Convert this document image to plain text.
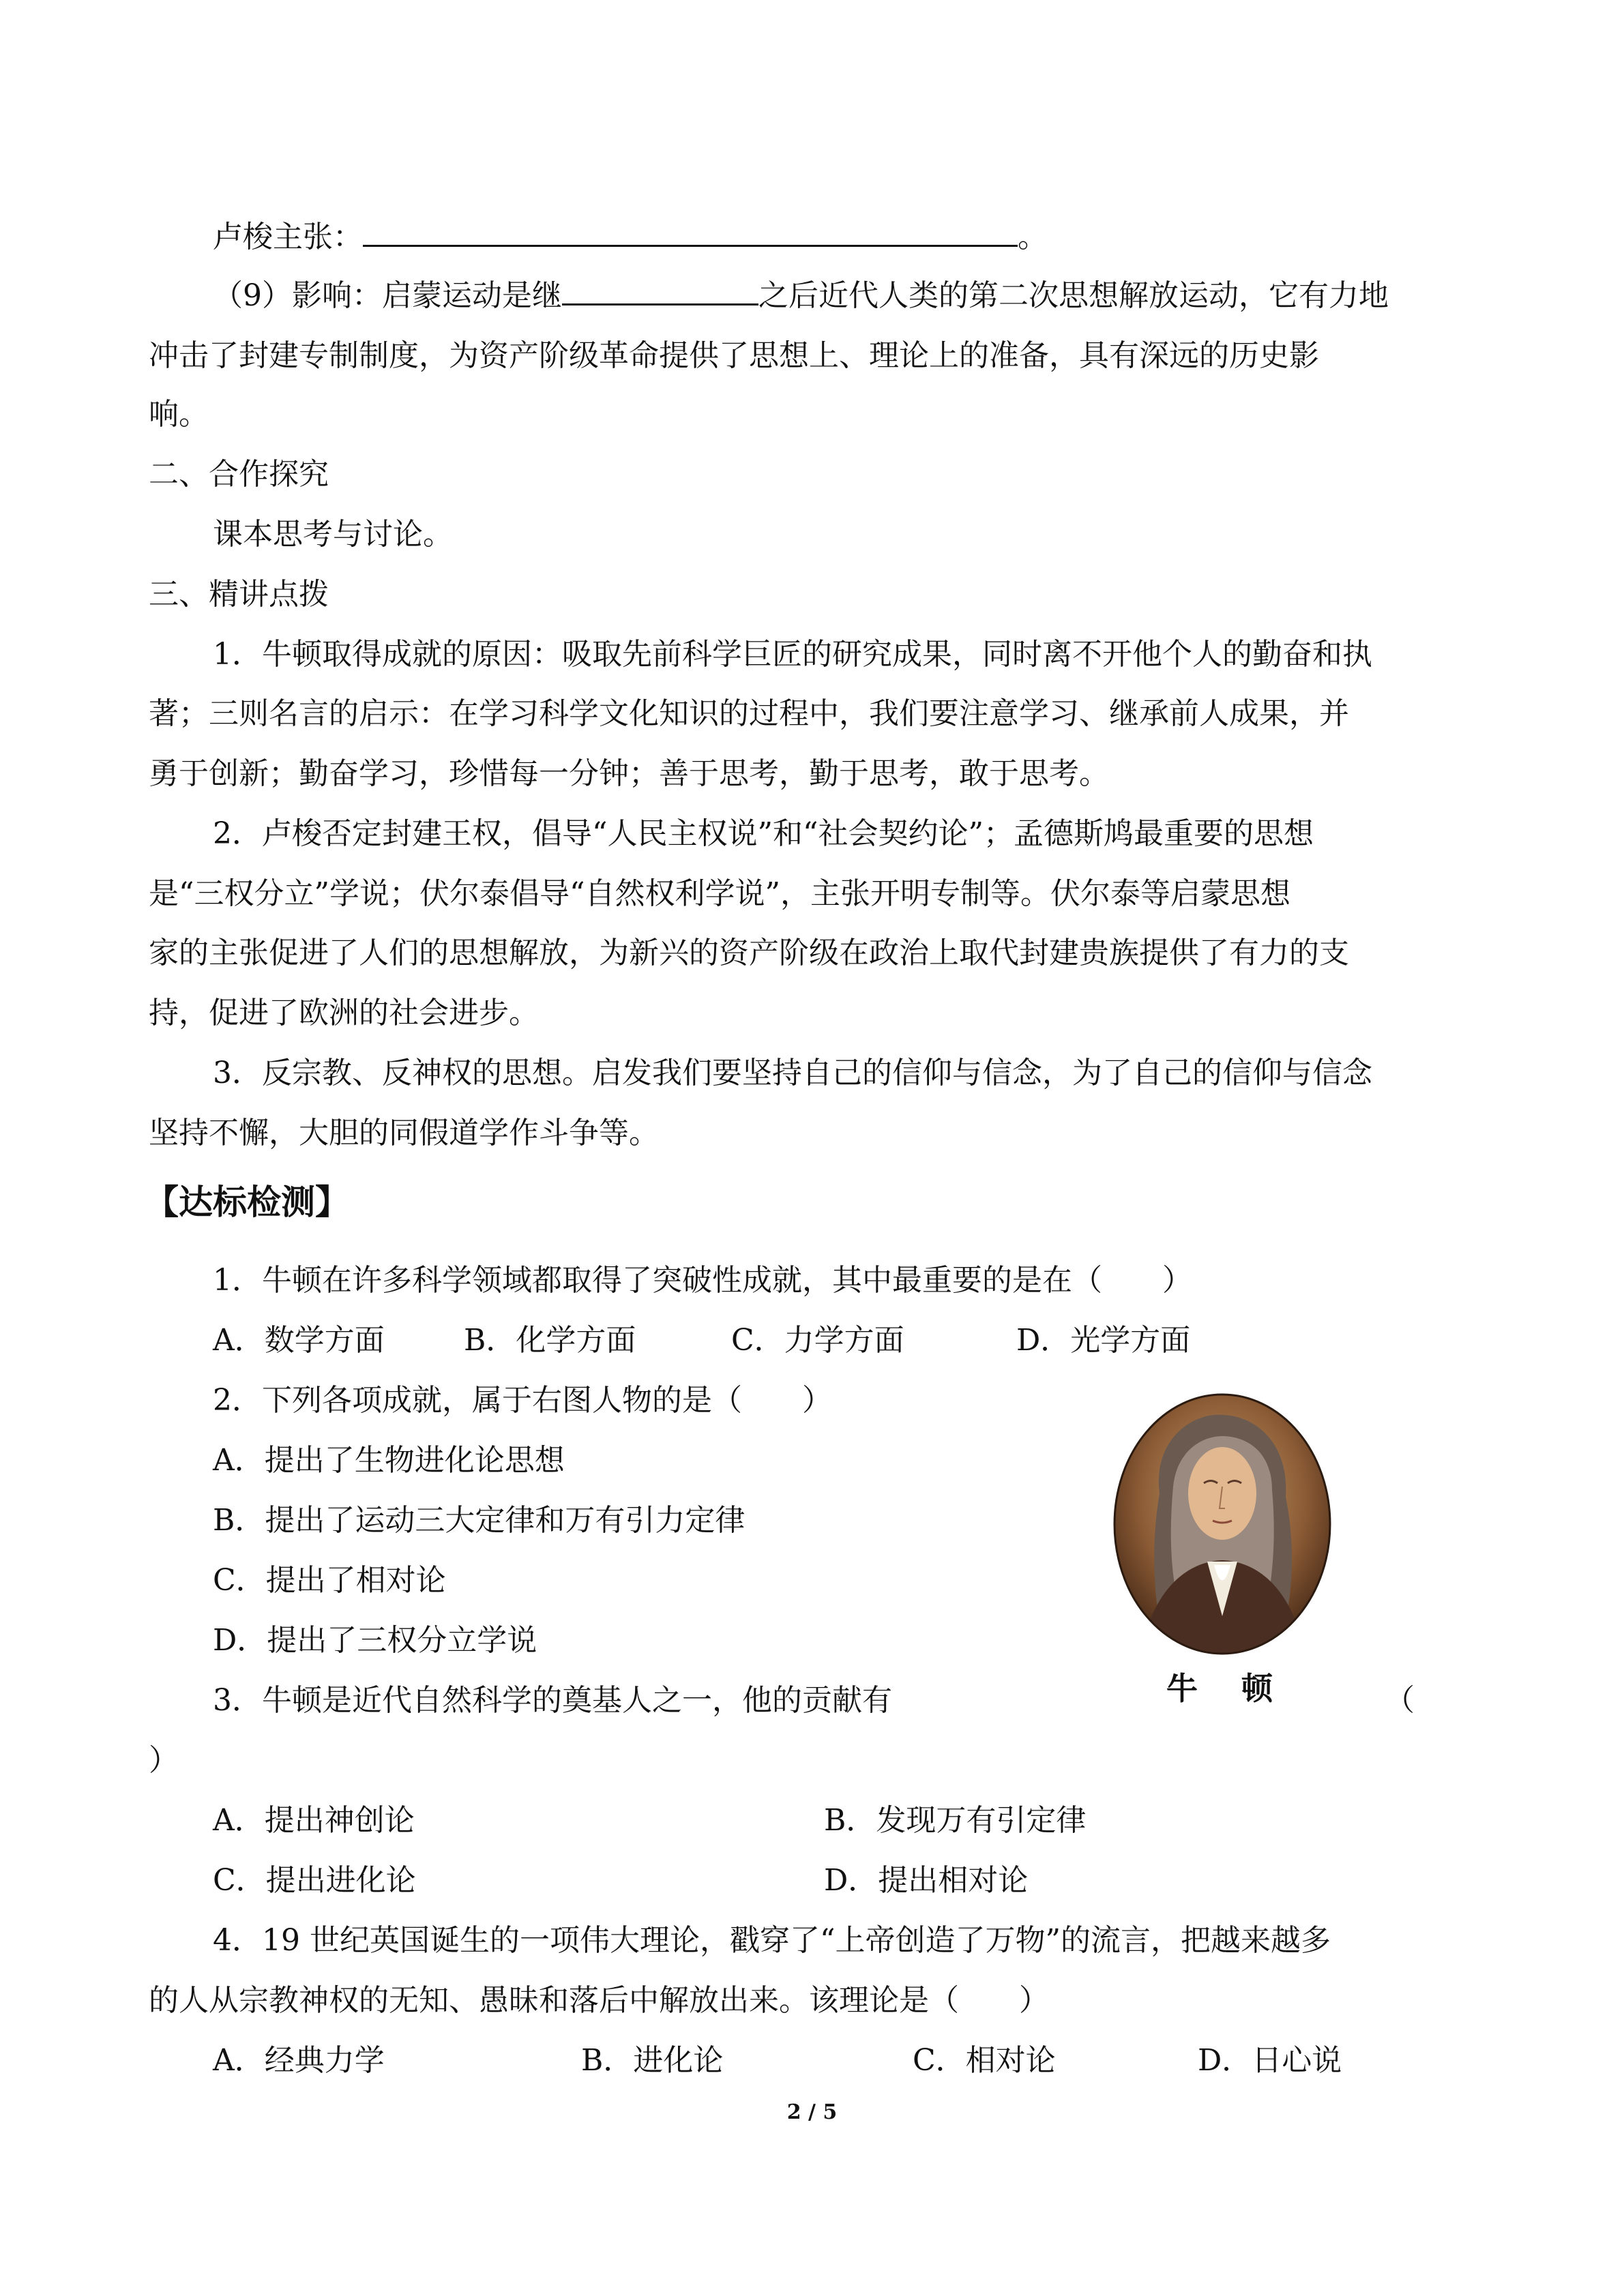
卢梭主张：	。
（9）影响：启蒙运动是继	之后近代人类的第二次思想解放运动，它有力地
冲击了封建专制制度，为资产阶级革命提供了思想上、理论上的准备，具有深远的历史影
响。
二、合作探究
课本思考与讨论。
三、精讲点拨
1．牛顿取得成就的原因：吸取先前科学巨匠的研究成果，同时离不开他个人的勤奋和执
著；三则名言的启示：在学习科学文化知识的过程中，我们要注意学习、继承前人成果，并
勇于创新；勤奋学习，珍惜每一分钟；善于思考，勤于思考，敢于思考。
2．卢梭否定封建王权，倡导“人民主权说”和“社会契约论”；孟德斯鸠最重要的思想
是“三权分立”学说；伏尔泰倡导“自然权利学说”，主张开明专制等。伏尔泰等启蒙思想
家的主张促进了人们的思想解放，为新兴的资产阶级在政治上取代封建贵族提供了有力的支
持，促进了欧洲的社会进步。
3．反宗教、反神权的思想。启发我们要坚持自己的信仰与信念，为了自己的信仰与信念
坚持不懈，大胆的同假道学作斗争等。
【达标检测】
1．牛顿在许多科学领域都取得了突破性成就，其中最重要的是在（　　）
A．数学方面	B．化学方面	C．力学方面	D．光学方面
2．下列各项成就，属于右图人物的是（　　）
A．提出了生物进化论思想
B．提出了运动三大定律和万有引力定律
C．提出了相对论
D．提出了三权分立学说
牛 顿
3．牛顿是近代自然科学的奠基人之一，他的贡献有	（
）
A．提出神创论	B．发现万有引定律
C．提出进化论	D．提出相对论
4．19 世纪英国诞生的一项伟大理论，戳穿了“上帝创造了万物”的流言，把越来越多
的人从宗教神权的无知、愚昧和落后中解放出来。该理论是（　　）
A．经典力学	B．进化论	C．相对论	D．日心说
2 / 5
